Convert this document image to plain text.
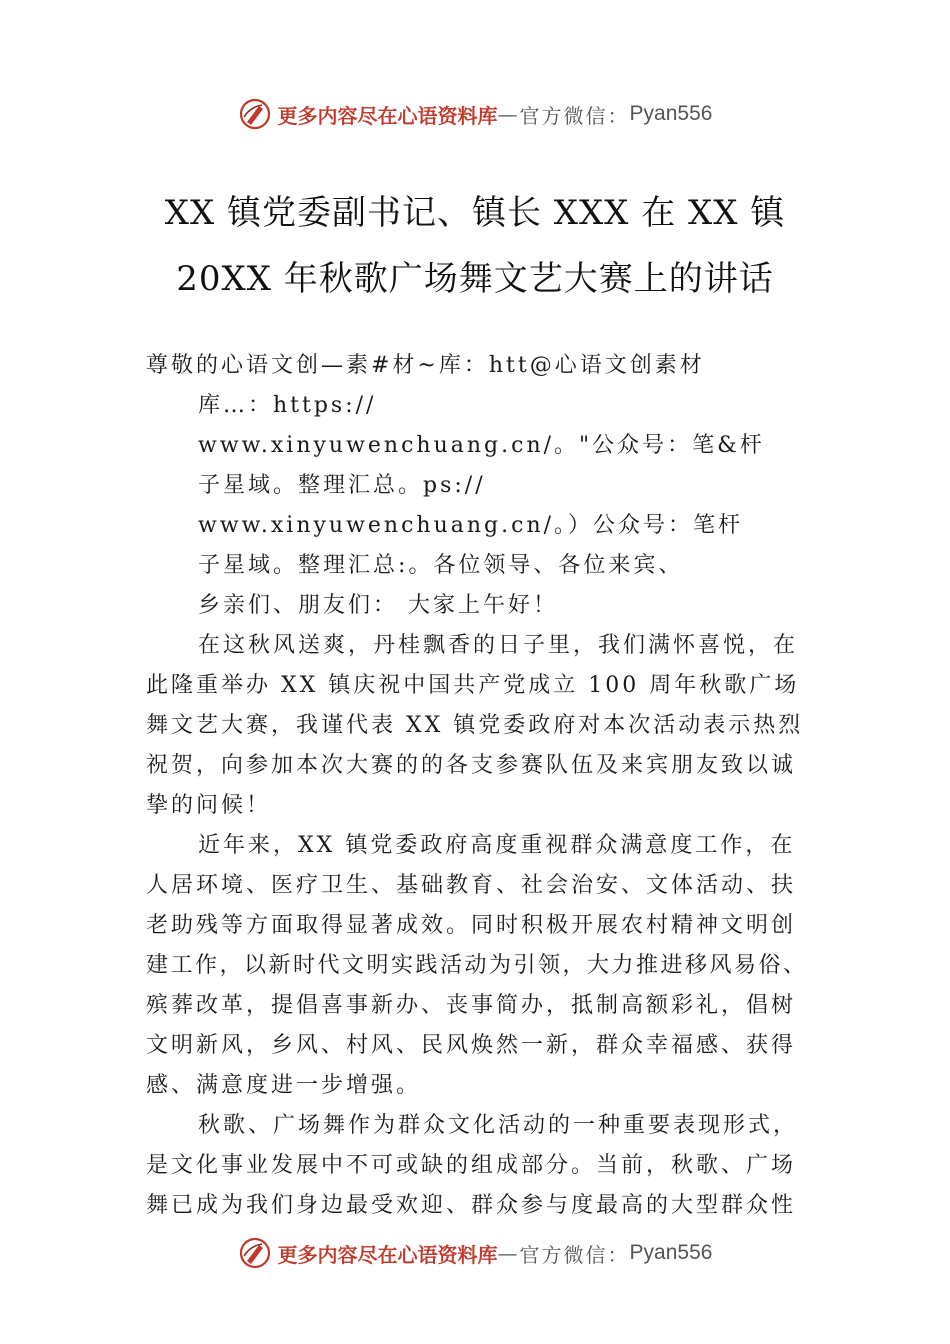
更多内容尽在心语资料库 — 官方微信： Pyan556
XX 镇党委副书记、镇长 XXX 在 XX 镇
20XX 年秋歌广场舞文艺大赛上的讲话
尊敬的心语文创—素#材~库：htt@心语文创素材
库…：https://
www.xinyuwenchuang.cn/。"公众号：笔&杆
子星域。整理汇总。ps://
www.xinyuwenchuang.cn/。）公众号：笔杆
子星域。整理汇总:。各位领导、各位来宾、
乡亲们、朋友们： 大家上午好！
在这秋风送爽，丹桂飘香的日子里，我们满怀喜悦，在
此隆重举办 XX 镇庆祝中国共产党成立 100 周年秋歌广场
舞文艺大赛，我谨代表 XX 镇党委政府对本次活动表示热烈
祝贺，向参加本次大赛的的各支参赛队伍及来宾朋友致以诚
挚的问候！
近年来，XX 镇党委政府高度重视群众满意度工作，在
人居环境、医疗卫生、基础教育、社会治安、文体活动、扶
老助残等方面取得显著成效。同时积极开展农村精神文明创
建工作，以新时代文明实践活动为引领，大力推进移风易俗、
殡葬改革，提倡喜事新办、丧事简办，抵制高额彩礼，倡树
文明新风，乡风、村风、民风焕然一新，群众幸福感、获得
感、满意度进一步增强。
秋歌、广场舞作为群众文化活动的一种重要表现形式，
是文化事业发展中不可或缺的组成部分。当前，秋歌、广场
舞已成为我们身边最受欢迎、群众参与度最高的大型群众性
更多内容尽在心语资料库 — 官方微信： Pyan556
